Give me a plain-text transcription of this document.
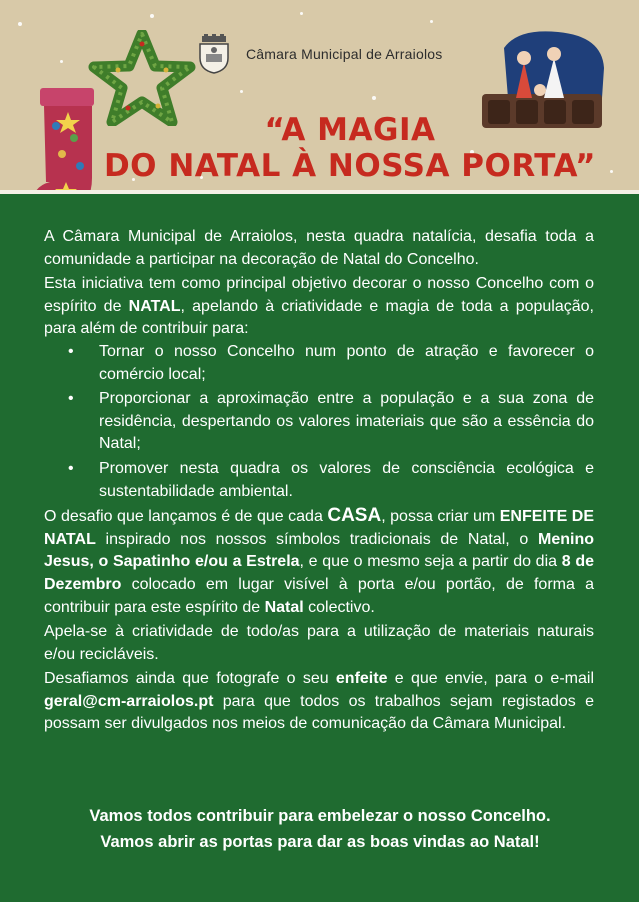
Câmara Municipal de Arraiolos
“A MAGIA
DO NATAL À NOSSA PORTA”

A Câmara Municipal de Arraiolos, nesta quadra natalícia, desafia toda a comunidade a participar na decoração de Natal do Concelho.

Esta iniciativa tem como principal objetivo decorar o nosso Concelho com o espírito de NATAL, apelando à criatividade e magia de toda a população, para além de contribuir para:

• Tornar o nosso Concelho num ponto de atração e favorecer o comércio local;
• Proporcionar a aproximação entre a população e a sua zona de residência, despertando os valores imateriais que são a essência do Natal;
• Promover nesta quadra os valores de consciência ecológica e sustentabilidade ambiental.

O desafio que lançamos é de que cada CASA, possa criar um ENFEITE DE NATAL inspirado nos nossos símbolos tradicionais de Natal, o Menino Jesus, o Sapatinho e/ou a Estrela, e que o mesmo seja a partir do dia 8 de Dezembro colocado em lugar visível à porta e/ou portão, de forma a contribuir para este espírito de Natal colectivo.

Apela-se à criatividade de todo/as para a utilização de materiais naturais e/ou recicláveis.

Desafiamos ainda que fotografe o seu enfeite e que envie, para o e-mail geral@cm-arraiolos.pt para que todos os trabalhos sejam registados e possam ser divulgados nos meios de comunicação da Câmara Municipal.

Vamos todos contribuir para embelezar o nosso Concelho.
Vamos abrir as portas para dar as boas vindas ao Natal!
